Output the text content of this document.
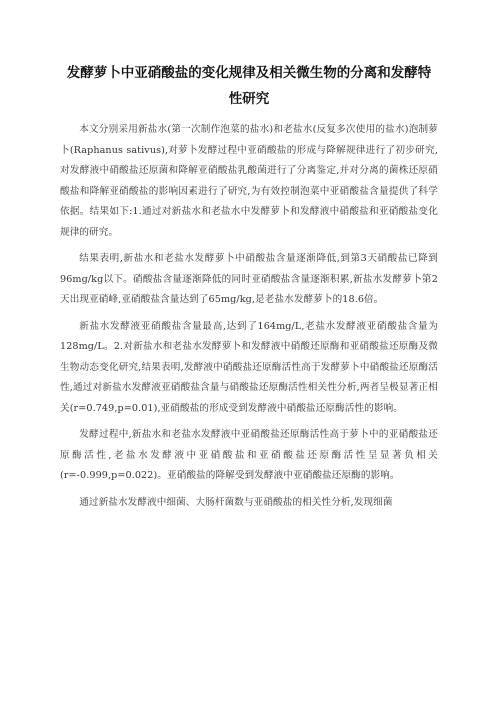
发酵萝卜中亚硝酸盐的变化规律及相关微生物的分离和发酵特
性研究

本文分别采用新盐水(第一次制作泡菜的盐水)和老盐水(反复多次使用的盐水)泡制萝卜(Raphanus sativus),对萝卜发酵过程中亚硝酸盐的形成与降解规律进行了初步研究,对发酵液中硝酸盐还原菌和降解亚硝酸盐乳酸菌进行了分离鉴定,并对分离的菌株还原硝酸盐和降解亚硝酸盐的影响因素进行了研究,为有效控制泡菜中亚硝酸盐含量提供了科学依据。结果如下:1.通过对新盐水和老盐水中发酵萝卜和发酵液中硝酸盐和亚硝酸盐变化规律的研究。

结果表明,新盐水和老盐水发酵萝卜中硝酸盐含量逐渐降低,到第3天硝酸盐已降到96mg/kg以下。硝酸盐含量逐渐降低的同时亚硝酸盐含量逐渐积累,新盐水发酵萝卜第2天出现亚硝峰,亚硝酸盐含量达到了65mg/kg,是老盐水发酵萝卜的18.6倍。

新盐水发酵液亚硝酸盐含量最高,达到了164mg/L,老盐水发酵液亚硝酸盐含量为128mg/L。2.对新盐水和老盐水发酵萝卜和发酵液中硝酸还原酶和亚硝酸盐还原酶及微生物动态变化研究,结果表明,发酵液中硝酸盐还原酶活性高于发酵萝卜中硝酸盐还原酶活性,通过对新盐水发酵液亚硝酸盐含量与硝酸盐还原酶活性相关性分析,两者呈极显著正相关(r=0.749,p=0.01),亚硝酸盐的形成受到发酵液中硝酸盐还原酶活性的影响。

发酵过程中,新盐水和老盐水发酵液中亚硝酸盐还原酶活性高于萝卜中的亚硝酸盐还原酶活性,老盐水发酵液中亚硝酸盐和亚硝酸盐还原酶活性呈显著负相关(r=-0.999,p=0.022)。亚硝酸盐的降解受到发酵液中亚硝酸盐还原酶的影响。

通过新盐水发酵液中细菌、大肠杆菌数与亚硝酸盐的相关性分析,发现细菌
